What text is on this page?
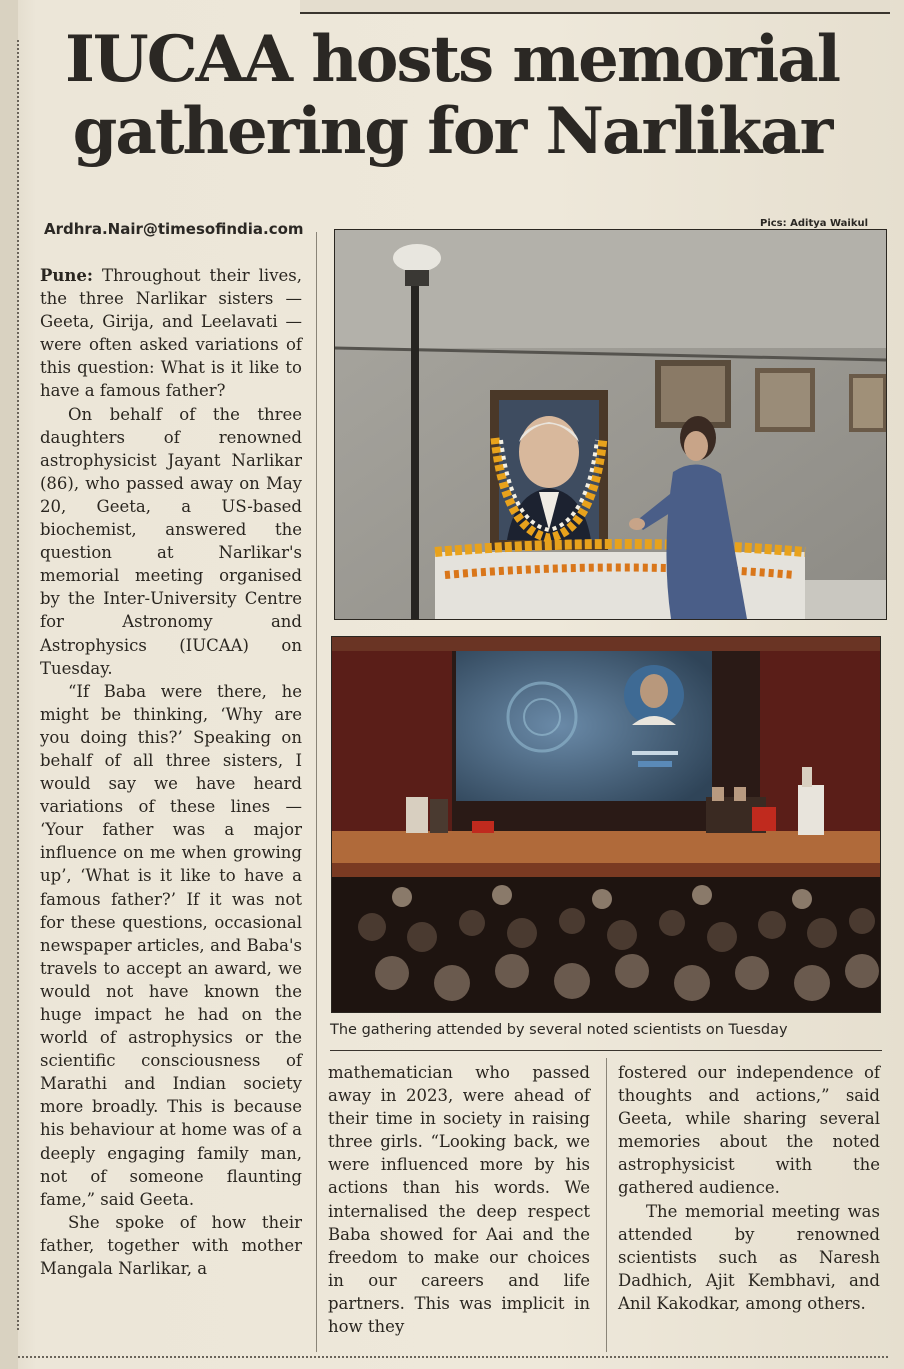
IUCAA hosts memorial
gathering for Narlikar
Ardhra.Nair@timesofindia.com	Pics: Aditya Waikul

Pune: Throughout their lives, the three Narlikar sisters — Geeta, Girija, and Leelavati — were often asked variations of this question: What is it like to have a famous father?

On behalf of the three daughters of renowned astrophysicist Jayant Narlikar (86), who passed away on May 20, Geeta, a US-based biochemist, answered the question at Narlikar's memorial meeting organised by the Inter-University Centre for Astronomy and Astrophysics (IUCAA) on Tuesday.

“If Baba were there, he might be thinking, ‘Why are you doing this?’ Speaking on behalf of all three sisters, I would say we have heard variations of these lines — ‘Your father was a major influence on me when growing up’, ‘What is it like to have a famous father?’ If it was not for these questions, occasional newspaper articles, and Baba's travels to accept an award, we would not have known the huge impact he had on the world of astrophysics or the scientific consciousness of Marathi and Indian society more broadly. This is because his behaviour at home was of a deeply engaging family man, not of someone flaunting fame,” said Geeta.

She spoke of how their father, together with mother Mangala Narlikar, a

The gathering attended by several noted scientists on Tuesday

mathematician who passed away in 2023, were ahead of their time in society in raising three girls. “Looking back, we were influenced more by his actions than his words. We internalised the deep respect Baba showed for Aai and the freedom to make our choices in our careers and life partners. This was implicit in how they

fostered our independence of thoughts and actions,” said Geeta, while sharing several memories about the noted astrophysicist with the gathered audience.

The memorial meeting was attended by renowned scientists such as Naresh Dadhich, Ajit Kembhavi, and Anil Kakodkar, among others.
